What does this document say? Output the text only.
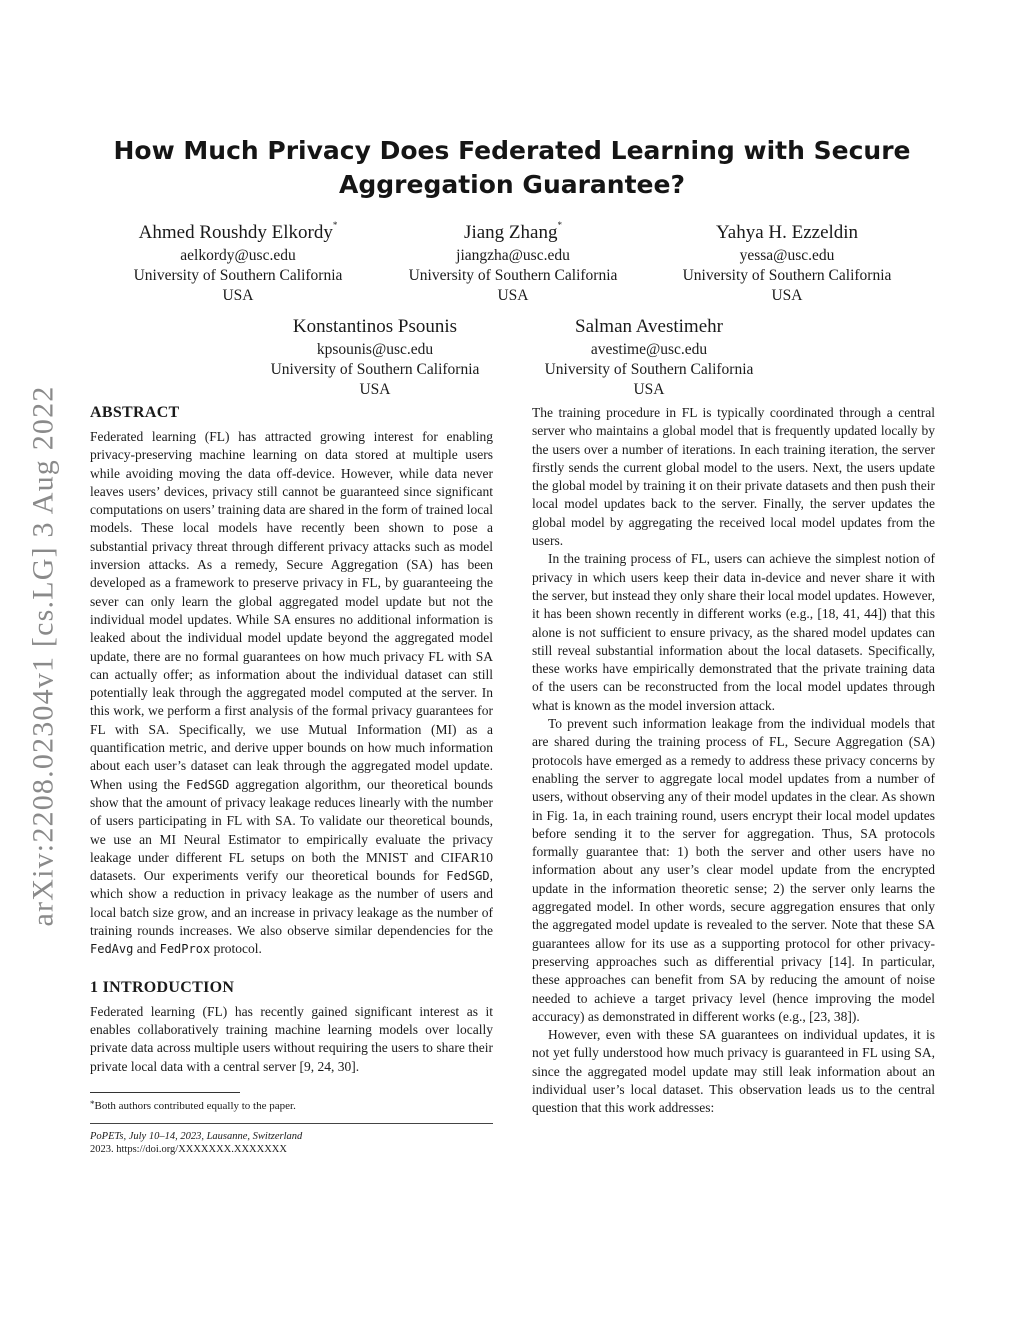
arXiv:2208.02304v1 [cs.LG] 3 Aug 2022
How Much Privacy Does Federated Learning with Secure Aggregation Guarantee?
Ahmed Roushdy Elkordy*
aelkordy@usc.edu
University of Southern California
USA
Jiang Zhang*
jiangzha@usc.edu
University of Southern California
USA
Yahya H. Ezzeldin
yessa@usc.edu
University of Southern California
USA
Konstantinos Psounis
kpsounis@usc.edu
University of Southern California
USA
Salman Avestimehr
avestime@usc.edu
University of Southern California
USA
ABSTRACT

Federated learning (FL) has attracted growing interest for enabling privacy-preserving machine learning on data stored at multiple users while avoiding moving the data off-device. However, while data never leaves users’ devices, privacy still cannot be guaranteed since significant computations on users’ training data are shared in the form of trained local models. These local models have recently been shown to pose a substantial privacy threat through different privacy attacks such as model inversion attacks. As a remedy, Secure Aggregation (SA) has been developed as a framework to preserve privacy in FL, by guaranteeing the sever can only learn the global aggregated model update but not the individual model updates. While SA ensures no additional information is leaked about the individual model update beyond the aggregated model update, there are no formal guarantees on how much privacy FL with SA can actually offer; as information about the individual dataset can still potentially leak through the aggregated model computed at the server. In this work, we perform a first analysis of the formal privacy guarantees for FL with SA. Specifically, we use Mutual Information (MI) as a quantification metric, and derive upper bounds on how much information about each user’s dataset can leak through the aggregated model update. When using the FedSGD aggregation algorithm, our theoretical bounds show that the amount of privacy leakage reduces linearly with the number of users participating in FL with SA. To validate our theoretical bounds, we use an MI Neural Estimator to empirically evaluate the privacy leakage under different FL setups on both the MNIST and CIFAR10 datasets. Our experiments verify our theoretical bounds for FedSGD, which show a reduction in privacy leakage as the number of users and local batch size grow, and an increase in privacy leakage as the number of training rounds increases. We also observe similar dependencies for the FedAvg and FedProx protocol.

1 INTRODUCTION

Federated learning (FL) has recently gained significant interest as it enables collaboratively training machine learning models over locally private data across multiple users without requiring the users to share their private local data with a central server [9, 24, 30].

*Both authors contributed equally to the paper.
PoPETs, July 10–14, 2023, Lausanne, Switzerland
2023. https://doi.org/XXXXXXX.XXXXXXX

The training procedure in FL is typically coordinated through a central server who maintains a global model that is frequently updated locally by the users over a number of iterations. In each training iteration, the server firstly sends the current global model to the users. Next, the users update the global model by training it on their private datasets and then push their local model updates back to the server. Finally, the server updates the global model by aggregating the received local model updates from the users.

In the training process of FL, users can achieve the simplest notion of privacy in which users keep their data in-device and never share it with the server, but instead they only share their local model updates. However, it has been shown recently in different works (e.g., [18, 41, 44]) that this alone is not sufficient to ensure privacy, as the shared model updates can still reveal substantial information about the local datasets. Specifically, these works have empirically demonstrated that the private training data of the users can be reconstructed from the local model updates through what is known as the model inversion attack.

To prevent such information leakage from the individual models that are shared during the training process of FL, Secure Aggregation (SA) protocols have emerged as a remedy to address these privacy concerns by enabling the server to aggregate local model updates from a number of users, without observing any of their model updates in the clear. As shown in Fig. 1a, in each training round, users encrypt their local model updates before sending it to the server for aggregation. Thus, SA protocols formally guarantee that: 1) both the server and other users have no information about any user’s clear model update from the encrypted update in the information theoretic sense; 2) the server only learns the aggregated model. In other words, secure aggregation ensures that only the aggregated model update is revealed to the server. Note that these SA guarantees allow for its use as a supporting protocol for other privacy-preserving approaches such as differential privacy [14]. In particular, these approaches can benefit from SA by reducing the amount of noise needed to achieve a target privacy level (hence improving the model accuracy) as demonstrated in different works (e.g., [23, 38]).

However, even with these SA guarantees on individual updates, it is not yet fully understood how much privacy is guaranteed in FL using SA, since the aggregated model update may still leak information about an individual user’s local dataset. This observation leads us to the central question that this work addresses:
